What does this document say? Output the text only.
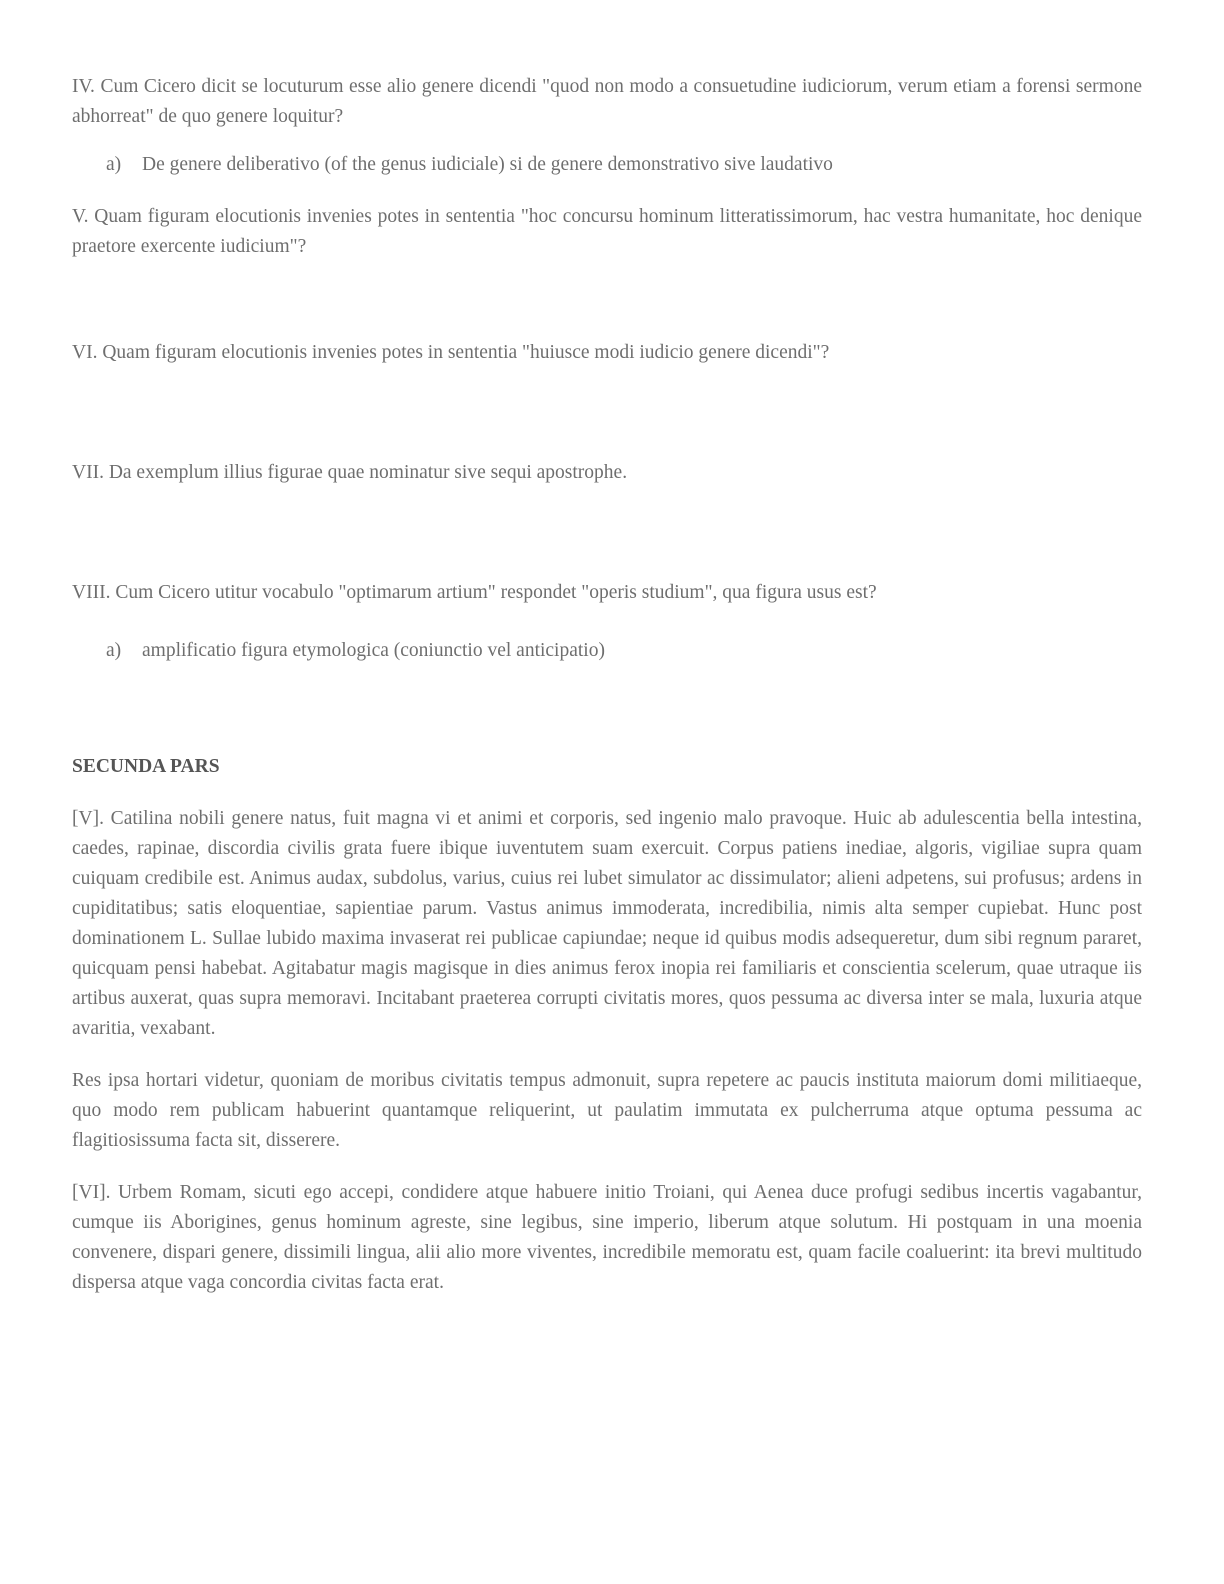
IV. Cum Cicero dicit se locuturum esse alio genere dicendi "quod non modo a consuetudine iudiciorum, verum etiam a forensi sermone abhorreat" de quo genere loquitur?

a) De genere deliberativo (of the genus iudiciale) si de genere demonstrativo sive laudativo

V. Quam figuram elocutionis invenies potes in sententia "hoc concursu hominum litteratissimorum, hac vestra humanitate, hoc denique praetore exercente iudicium"?

VI. Quam figuram elocutionis invenies potes in sententia "huiusce modi iudicio genere dicendi"?

VII. Da exemplum illius figurae quae nominatur sive sequi apostrophe.

VIII. Cum Cicero utitur vocabulo "optimarum artium" respondet "operis studium", qua figura usus est?

a) amplificatio figura etymologica (coniunctio vel anticipatio)

SECUNDA PARS

[V]. Catilina nobili genere natus, fuit magna vi et animi et corporis, sed ingenio malo pravoque. Huic ab adulescentia bella intestina, caedes, rapinae, discordia civilis grata fuere ibique iuventutem suam exercuit. Corpus patiens inediae, algoris, vigiliae supra quam cuiquam credibile est. Animus audax, subdolus, varius, cuius rei lubet simulator ac dissimulator; alieni adpetens, sui profusus; ardens in cupiditatibus; satis eloquentiae, sapientiae parum. Vastus animus immoderata, incredibilia, nimis alta semper cupiebat. Hunc post dominationem L. Sullae lubido maxima invaserat rei publicae capiundae; neque id quibus modis adsequeretur, dum sibi regnum pararet, quicquam pensi habebat. Agitabatur magis magisque in dies animus ferox inopia rei familiaris et conscientia scelerum, quae utraque iis artibus auxerat, quas supra memoravi. Incitabant praeterea corrupti civitatis mores, quos pessuma ac diversa inter se mala, luxuria atque avaritia, vexabant.

Res ipsa hortari videtur, quoniam de moribus civitatis tempus admonuit, supra repetere ac paucis instituta maiorum domi militiaeque, quo modo rem publicam habuerint quantamque reliquerint, ut paulatim immutata ex pulcherruma atque optuma pessuma ac flagitiosissuma facta sit, disserere.

[VI]. Urbem Romam, sicuti ego accepi, condidere atque habuere initio Troiani, qui Aenea duce profugi sedibus incertis vagabantur, cumque iis Aborigines, genus hominum agreste, sine legibus, sine imperio, liberum atque solutum. Hi postquam in una moenia convenere, dispari genere, dissimili lingua, alii alio more viventes, incredibile memoratu est, quam facile coaluerint: ita brevi multitudo dispersa atque vaga concordia civitas facta erat.
